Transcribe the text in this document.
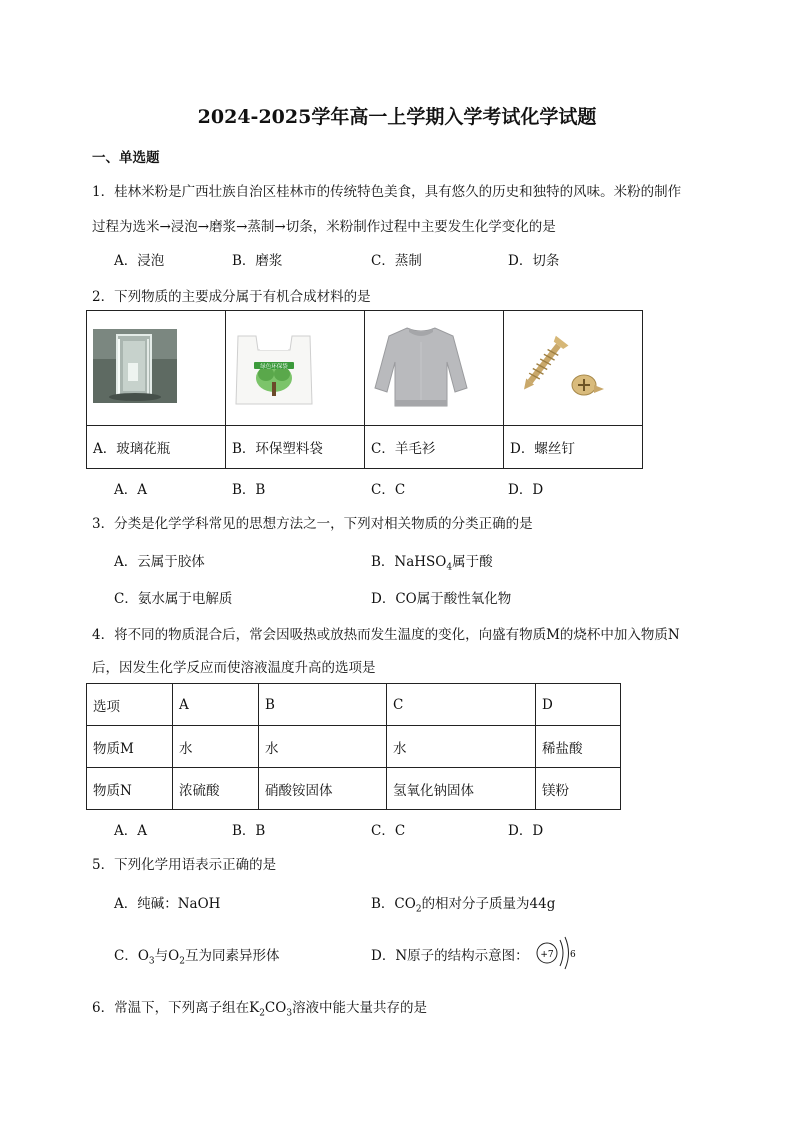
2024-2025学年高一上学期入学考试化学试题
一、单选题
1．桂林米粉是广西壮族自治区桂林市的传统特色美食，具有悠久的历史和独特的风味。米粉的制作
过程为选米→浸泡→磨浆→蒸制→切条，米粉制作过程中主要发生化学变化的是
A．浸泡	B．磨浆	C．蒸制	D．切条
2．下列物质的主要成分属于有机合成材料的是

绿色环保袋

A．玻璃花瓶	B．环保塑料袋	C．羊毛衫	D．螺丝钉
A．A	B．B	C．C	D．D
3．分类是化学学科常见的思想方法之一，下列对相关物质的分类正确的是
A．云属于胶体	B．NaHSO$_4$属于酸
C．氨水属于电解质	D．CO属于酸性氧化物
4．将不同的物质混合后，常会因吸热或放热而发生温度的变化，向盛有物质M的烧杯中加入物质N
后，因发生化学反应而使溶液温度升高的选项是
选项	A	B	C	D
物质M	水	水	水	稀盐酸
物质N	浓硫酸	硝酸铵固体	氢氧化钠固体	镁粉
A．A	B．B	C．C	D．D
5．下列化学用语表示正确的是
A．纯碱：NaOH	B．$CO_2$的相对分子质量为44g
C．$O_3$与$O_2$互为同素异形体	D．N原子的结构示意图： +7 6
6．常温下，下列离子组在$K_2CO_3$溶液中能大量共存的是
